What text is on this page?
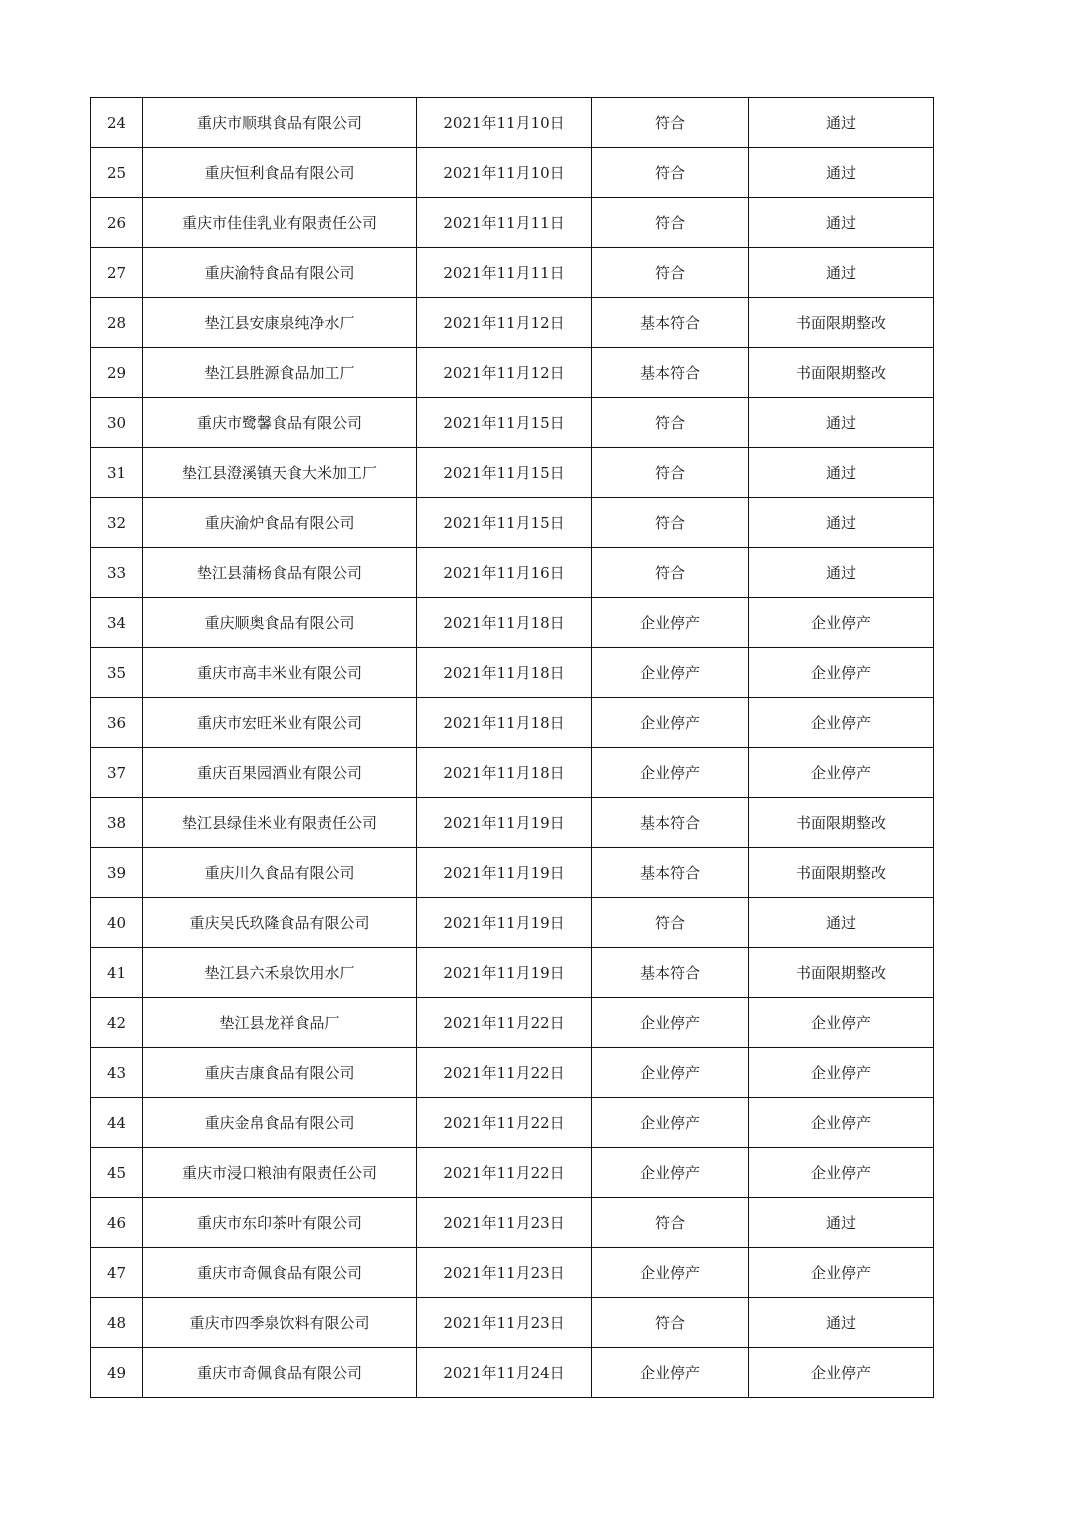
24	重庆市顺琪食品有限公司	2021年11月10日	符合	通过
25	重庆恒利食品有限公司	2021年11月10日	符合	通过
26	重庆市佳佳乳业有限责任公司	2021年11月11日	符合	通过
27	重庆渝特食品有限公司	2021年11月11日	符合	通过
28	垫江县安康泉纯净水厂	2021年11月12日	基本符合	书面限期整改
29	垫江县胜源食品加工厂	2021年11月12日	基本符合	书面限期整改
30	重庆市鹭馨食品有限公司	2021年11月15日	符合	通过
31	垫江县澄溪镇天食大米加工厂	2021年11月15日	符合	通过
32	重庆渝炉食品有限公司	2021年11月15日	符合	通过
33	垫江县蒲杨食品有限公司	2021年11月16日	符合	通过
34	重庆顺奥食品有限公司	2021年11月18日	企业停产	企业停产
35	重庆市高丰米业有限公司	2021年11月18日	企业停产	企业停产
36	重庆市宏旺米业有限公司	2021年11月18日	企业停产	企业停产
37	重庆百果园酒业有限公司	2021年11月18日	企业停产	企业停产
38	垫江县绿佳米业有限责任公司	2021年11月19日	基本符合	书面限期整改
39	重庆川久食品有限公司	2021年11月19日	基本符合	书面限期整改
40	重庆吴氏玖隆食品有限公司	2021年11月19日	符合	通过
41	垫江县六禾泉饮用水厂	2021年11月19日	基本符合	书面限期整改
42	垫江县龙祥食品厂	2021年11月22日	企业停产	企业停产
43	重庆吉康食品有限公司	2021年11月22日	企业停产	企业停产
44	重庆金帛食品有限公司	2021年11月22日	企业停产	企业停产
45	重庆市浸口粮油有限责任公司	2021年11月22日	企业停产	企业停产
46	重庆市东印茶叶有限公司	2021年11月23日	符合	通过
47	重庆市奇佩食品有限公司	2021年11月23日	企业停产	企业停产
48	重庆市四季泉饮料有限公司	2021年11月23日	符合	通过
49	重庆市奇佩食品有限公司	2021年11月24日	企业停产	企业停产
